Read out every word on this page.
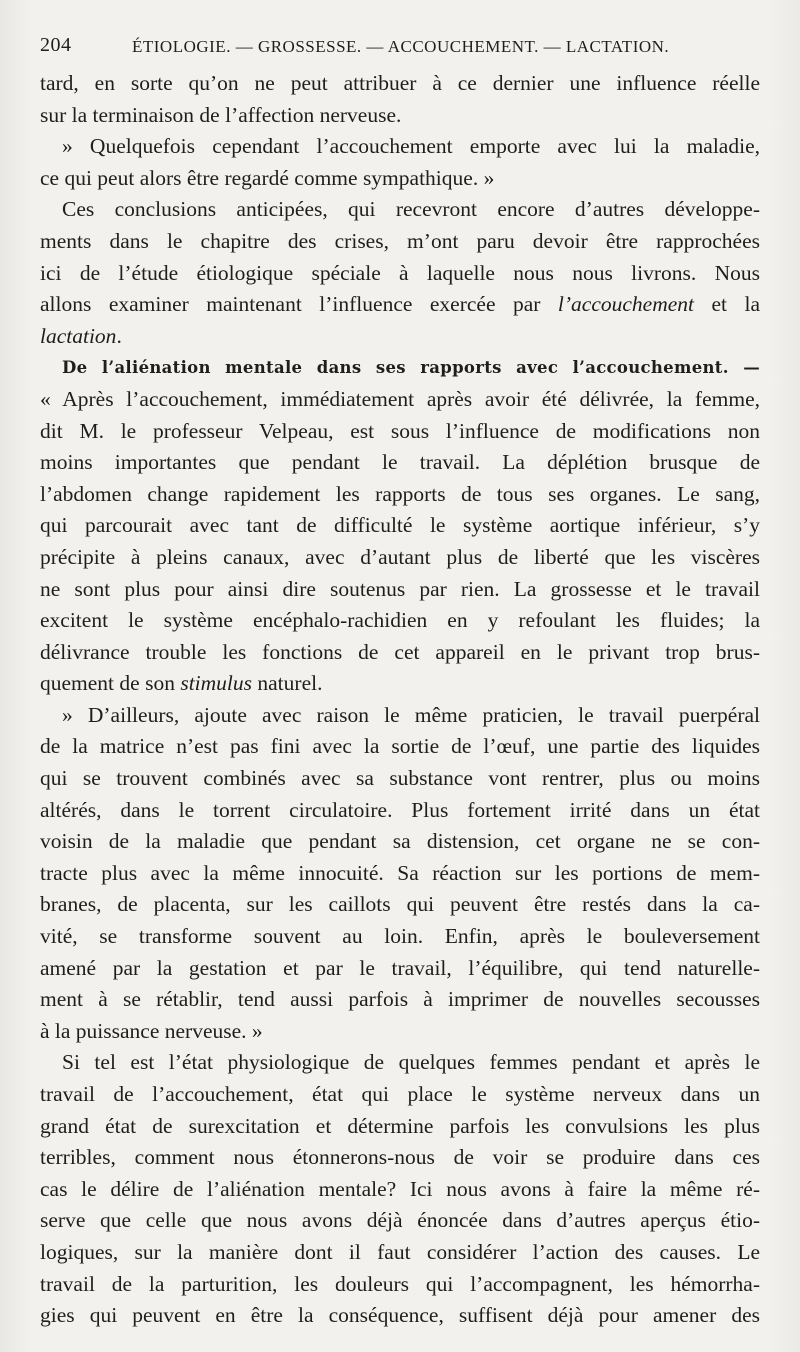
204	ÉTIOLOGIE. — GROSSESSE. — ACCOUCHEMENT. — LACTATION.
tard, en sorte qu’on ne peut attribuer à ce dernier une influence réelle
sur la terminaison de l’affection nerveuse.
» Quelquefois cependant l’accouchement emporte avec lui la maladie,
ce qui peut alors être regardé comme sympathique. »
Ces conclusions anticipées, qui recevront encore d’autres développe-
ments dans le chapitre des crises, m’ont paru devoir être rapprochées
ici de l’étude étiologique spéciale à laquelle nous nous livrons. Nous
allons examiner maintenant l’influence exercée par l’accouchement et la
lactation.
De l’aliénation mentale dans ses rapports avec l’accouchement. —
« Après l’accouchement, immédiatement après avoir été délivrée, la femme,
dit M. le professeur Velpeau, est sous l’influence de modifications non
moins importantes que pendant le travail. La déplétion brusque de
l’abdomen change rapidement les rapports de tous ses organes. Le sang,
qui parcourait avec tant de difficulté le système aortique inférieur, s’y
précipite à pleins canaux, avec d’autant plus de liberté que les viscères
ne sont plus pour ainsi dire soutenus par rien. La grossesse et le travail
excitent le système encéphalo-rachidien en y refoulant les fluides; la
délivrance trouble les fonctions de cet appareil en le privant trop brus-
quement de son stimulus naturel.
» D’ailleurs, ajoute avec raison le même praticien, le travail puerpéral
de la matrice n’est pas fini avec la sortie de l’œuf, une partie des liquides
qui se trouvent combinés avec sa substance vont rentrer, plus ou moins
altérés, dans le torrent circulatoire. Plus fortement irrité dans un état
voisin de la maladie que pendant sa distension, cet organe ne se con-
tracte plus avec la même innocuité. Sa réaction sur les portions de mem-
branes, de placenta, sur les caillots qui peuvent être restés dans la ca-
vité, se transforme souvent au loin. Enfin, après le bouleversement
amené par la gestation et par le travail, l’équilibre, qui tend naturelle-
ment à se rétablir, tend aussi parfois à imprimer de nouvelles secousses
à la puissance nerveuse. »
Si tel est l’état physiologique de quelques femmes pendant et après le
travail de l’accouchement, état qui place le système nerveux dans un
grand état de surexcitation et détermine parfois les convulsions les plus
terribles, comment nous étonnerons-nous de voir se produire dans ces
cas le délire de l’aliénation mentale? Ici nous avons à faire la même ré-
serve que celle que nous avons déjà énoncée dans d’autres aperçus étio-
logiques, sur la manière dont il faut considérer l’action des causes. Le
travail de la parturition, les douleurs qui l’accompagnent, les hémorrha-
gies qui peuvent en être la conséquence, suffisent déjà pour amener des
